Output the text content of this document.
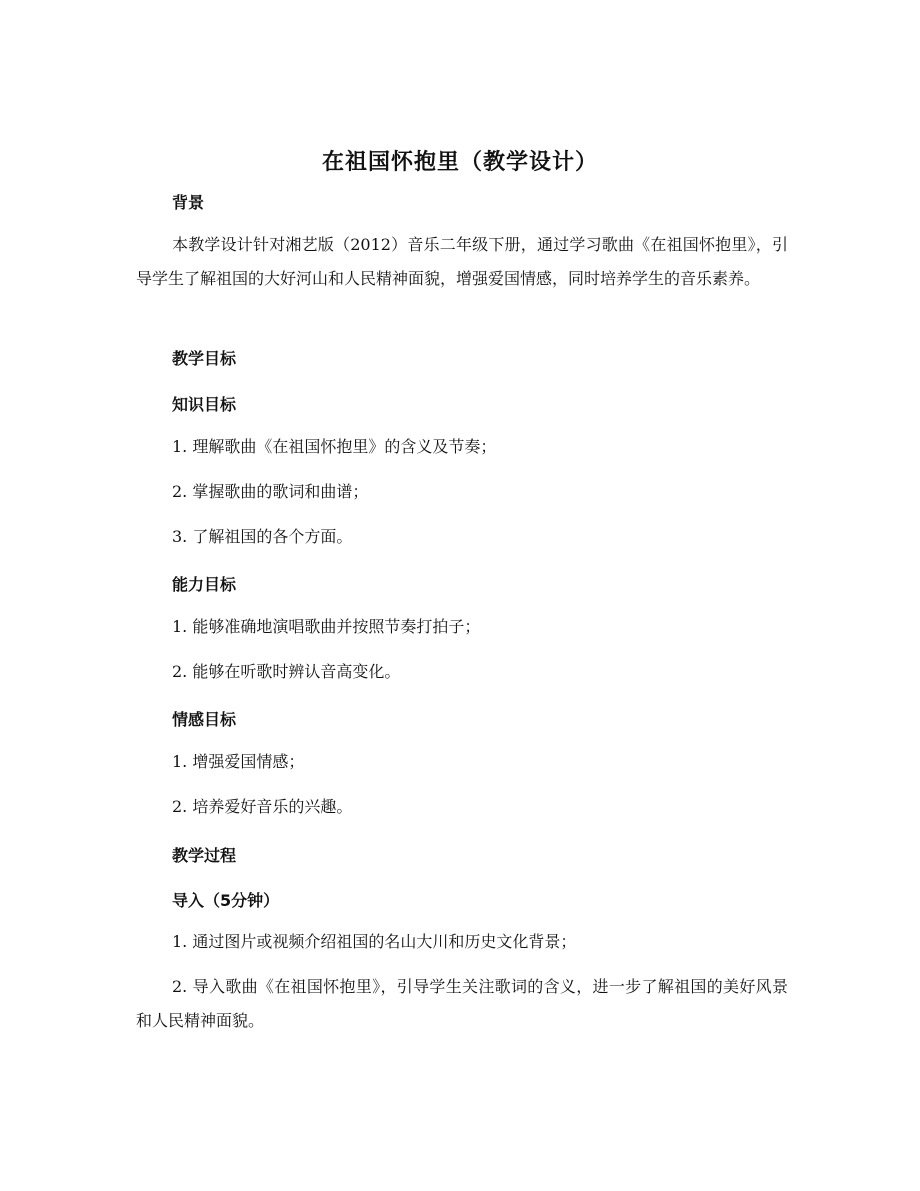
在祖国怀抱里（教学设计）
背景
本教学设计针对湘艺版（2012）音乐二年级下册，通过学习歌曲《在祖国怀抱里》，引导学生了解祖国的大好河山和人民精神面貌，增强爱国情感，同时培养学生的音乐素养。
教学目标
知识目标
1. 理解歌曲《在祖国怀抱里》的含义及节奏；
2. 掌握歌曲的歌词和曲谱；
3. 了解祖国的各个方面。
能力目标
1. 能够准确地演唱歌曲并按照节奏打拍子；
2. 能够在听歌时辨认音高变化。
情感目标
1. 增强爱国情感；
2. 培养爱好音乐的兴趣。
教学过程
导入（5分钟）
1. 通过图片或视频介绍祖国的名山大川和历史文化背景；
2. 导入歌曲《在祖国怀抱里》，引导学生关注歌词的含义，进一步了解祖国的美好风景和人民精神面貌。
